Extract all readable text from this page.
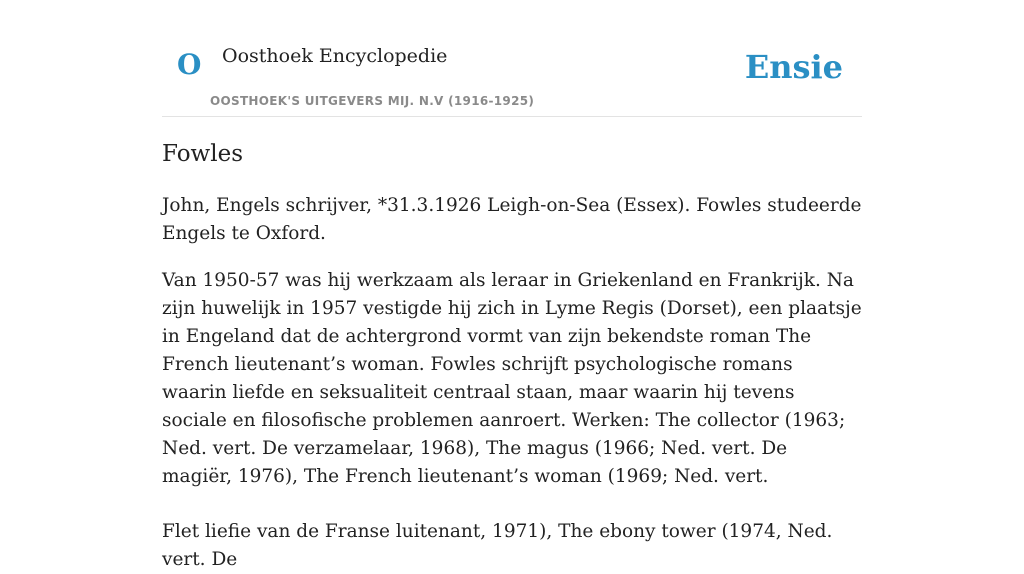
O Oosthoek Encyclopedie
OOSTHOEK'S UITGEVERS MIJ. N.V (1916-1925)
Ensie
Fowles

John, Engels schrijver, *31.3.1926 Leigh-on-Sea (Essex). Fowles studeerde Engels te Oxford.

Van 1950-57 was hij werkzaam als leraar in Griekenland en Frankrijk. Na zijn huwelijk in 1957 vestigde hij zich in Lyme Regis (Dorset), een plaatsje in Engeland dat de achtergrond vormt van zijn bekendste roman The French lieutenant’s woman. Fowles schrijft psychologische romans waarin liefde en seksualiteit centraal staan, maar waarin hij tevens sociale en filosofische problemen aanroert. Werken: The collector (1963; Ned. vert. De verzamelaar, 1968), The magus (1966; Ned. vert. De magiër, 1976), The French lieutenant’s woman (1969; Ned. vert.

Flet liefie van de Franse luitenant, 1971), The ebony tower (1974, Ned. vert. De
